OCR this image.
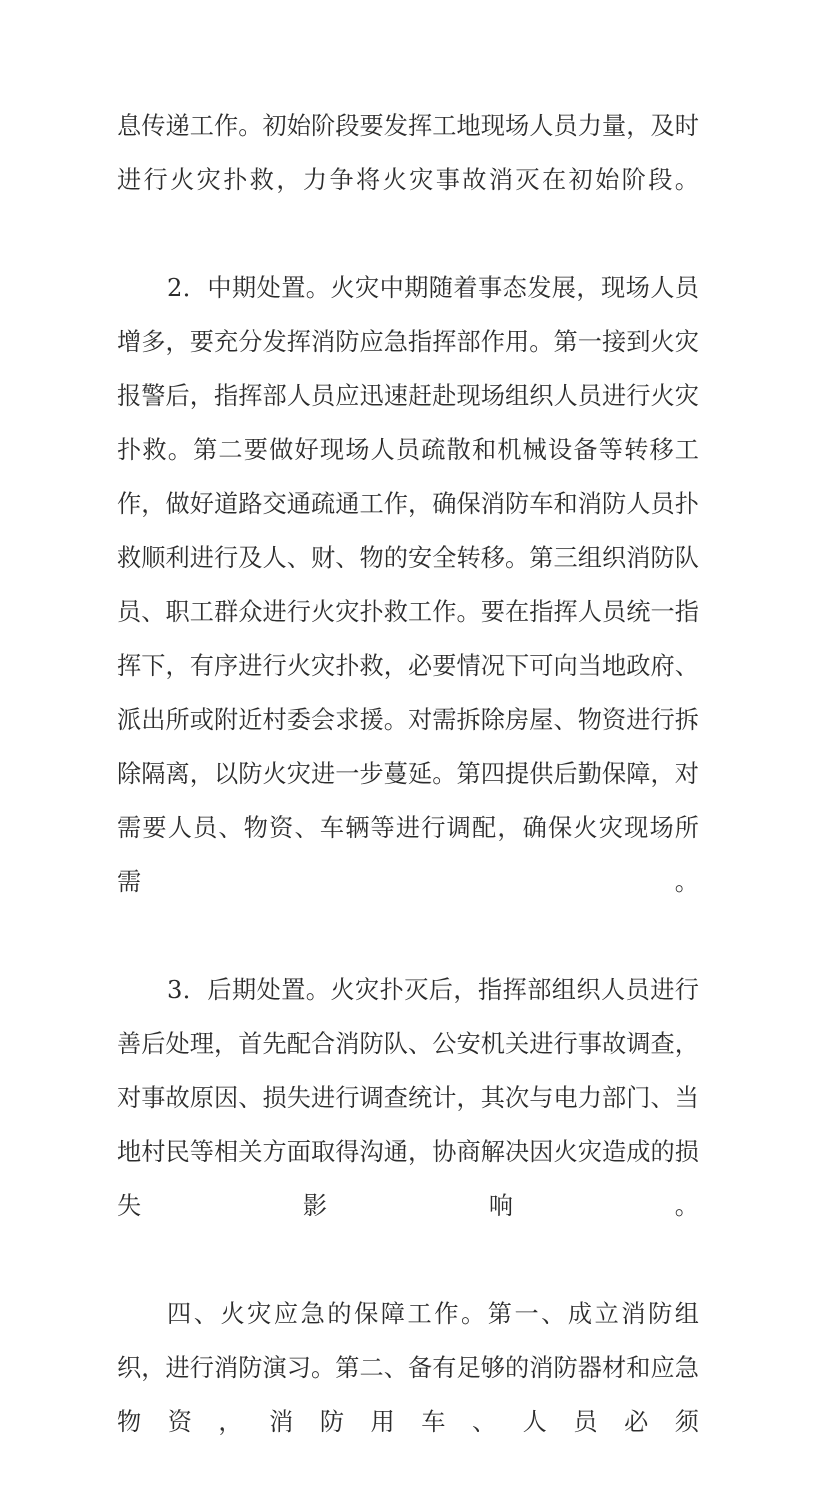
息传递工作。初始阶段要发挥工地现场人员力量，及时进行火灾扑救，力争将火灾事故消灭在初始阶段。

2．中期处置。火灾中期随着事态发展，现场人员增多，要充分发挥消防应急指挥部作用。第一接到火灾报警后，指挥部人员应迅速赶赴现场组织人员进行火灾扑救。第二要做好现场人员疏散和机械设备等转移工作，做好道路交通疏通工作，确保消防车和消防人员扑救顺利进行及人、财、物的安全转移。第三组织消防队员、职工群众进行火灾扑救工作。要在指挥人员统一指挥下，有序进行火灾扑救，必要情况下可向当地政府、派出所或附近村委会求援。对需拆除房屋、物资进行拆除隔离，以防火灾进一步蔓延。第四提供后勤保障，对需要人员、物资、车辆等进行调配，确保火灾现场所需。

3．后期处置。火灾扑灭后，指挥部组织人员进行善后处理，首先配合消防队、公安机关进行事故调查，对事故原因、损失进行调查统计，其次与电力部门、当地村民等相关方面取得沟通，协商解决因火灾造成的损失影响。

四、火灾应急的保障工作。第一、成立消防组织，进行消防演习。第二、备有足够的消防器材和应急物资，消防用车、人员必须
